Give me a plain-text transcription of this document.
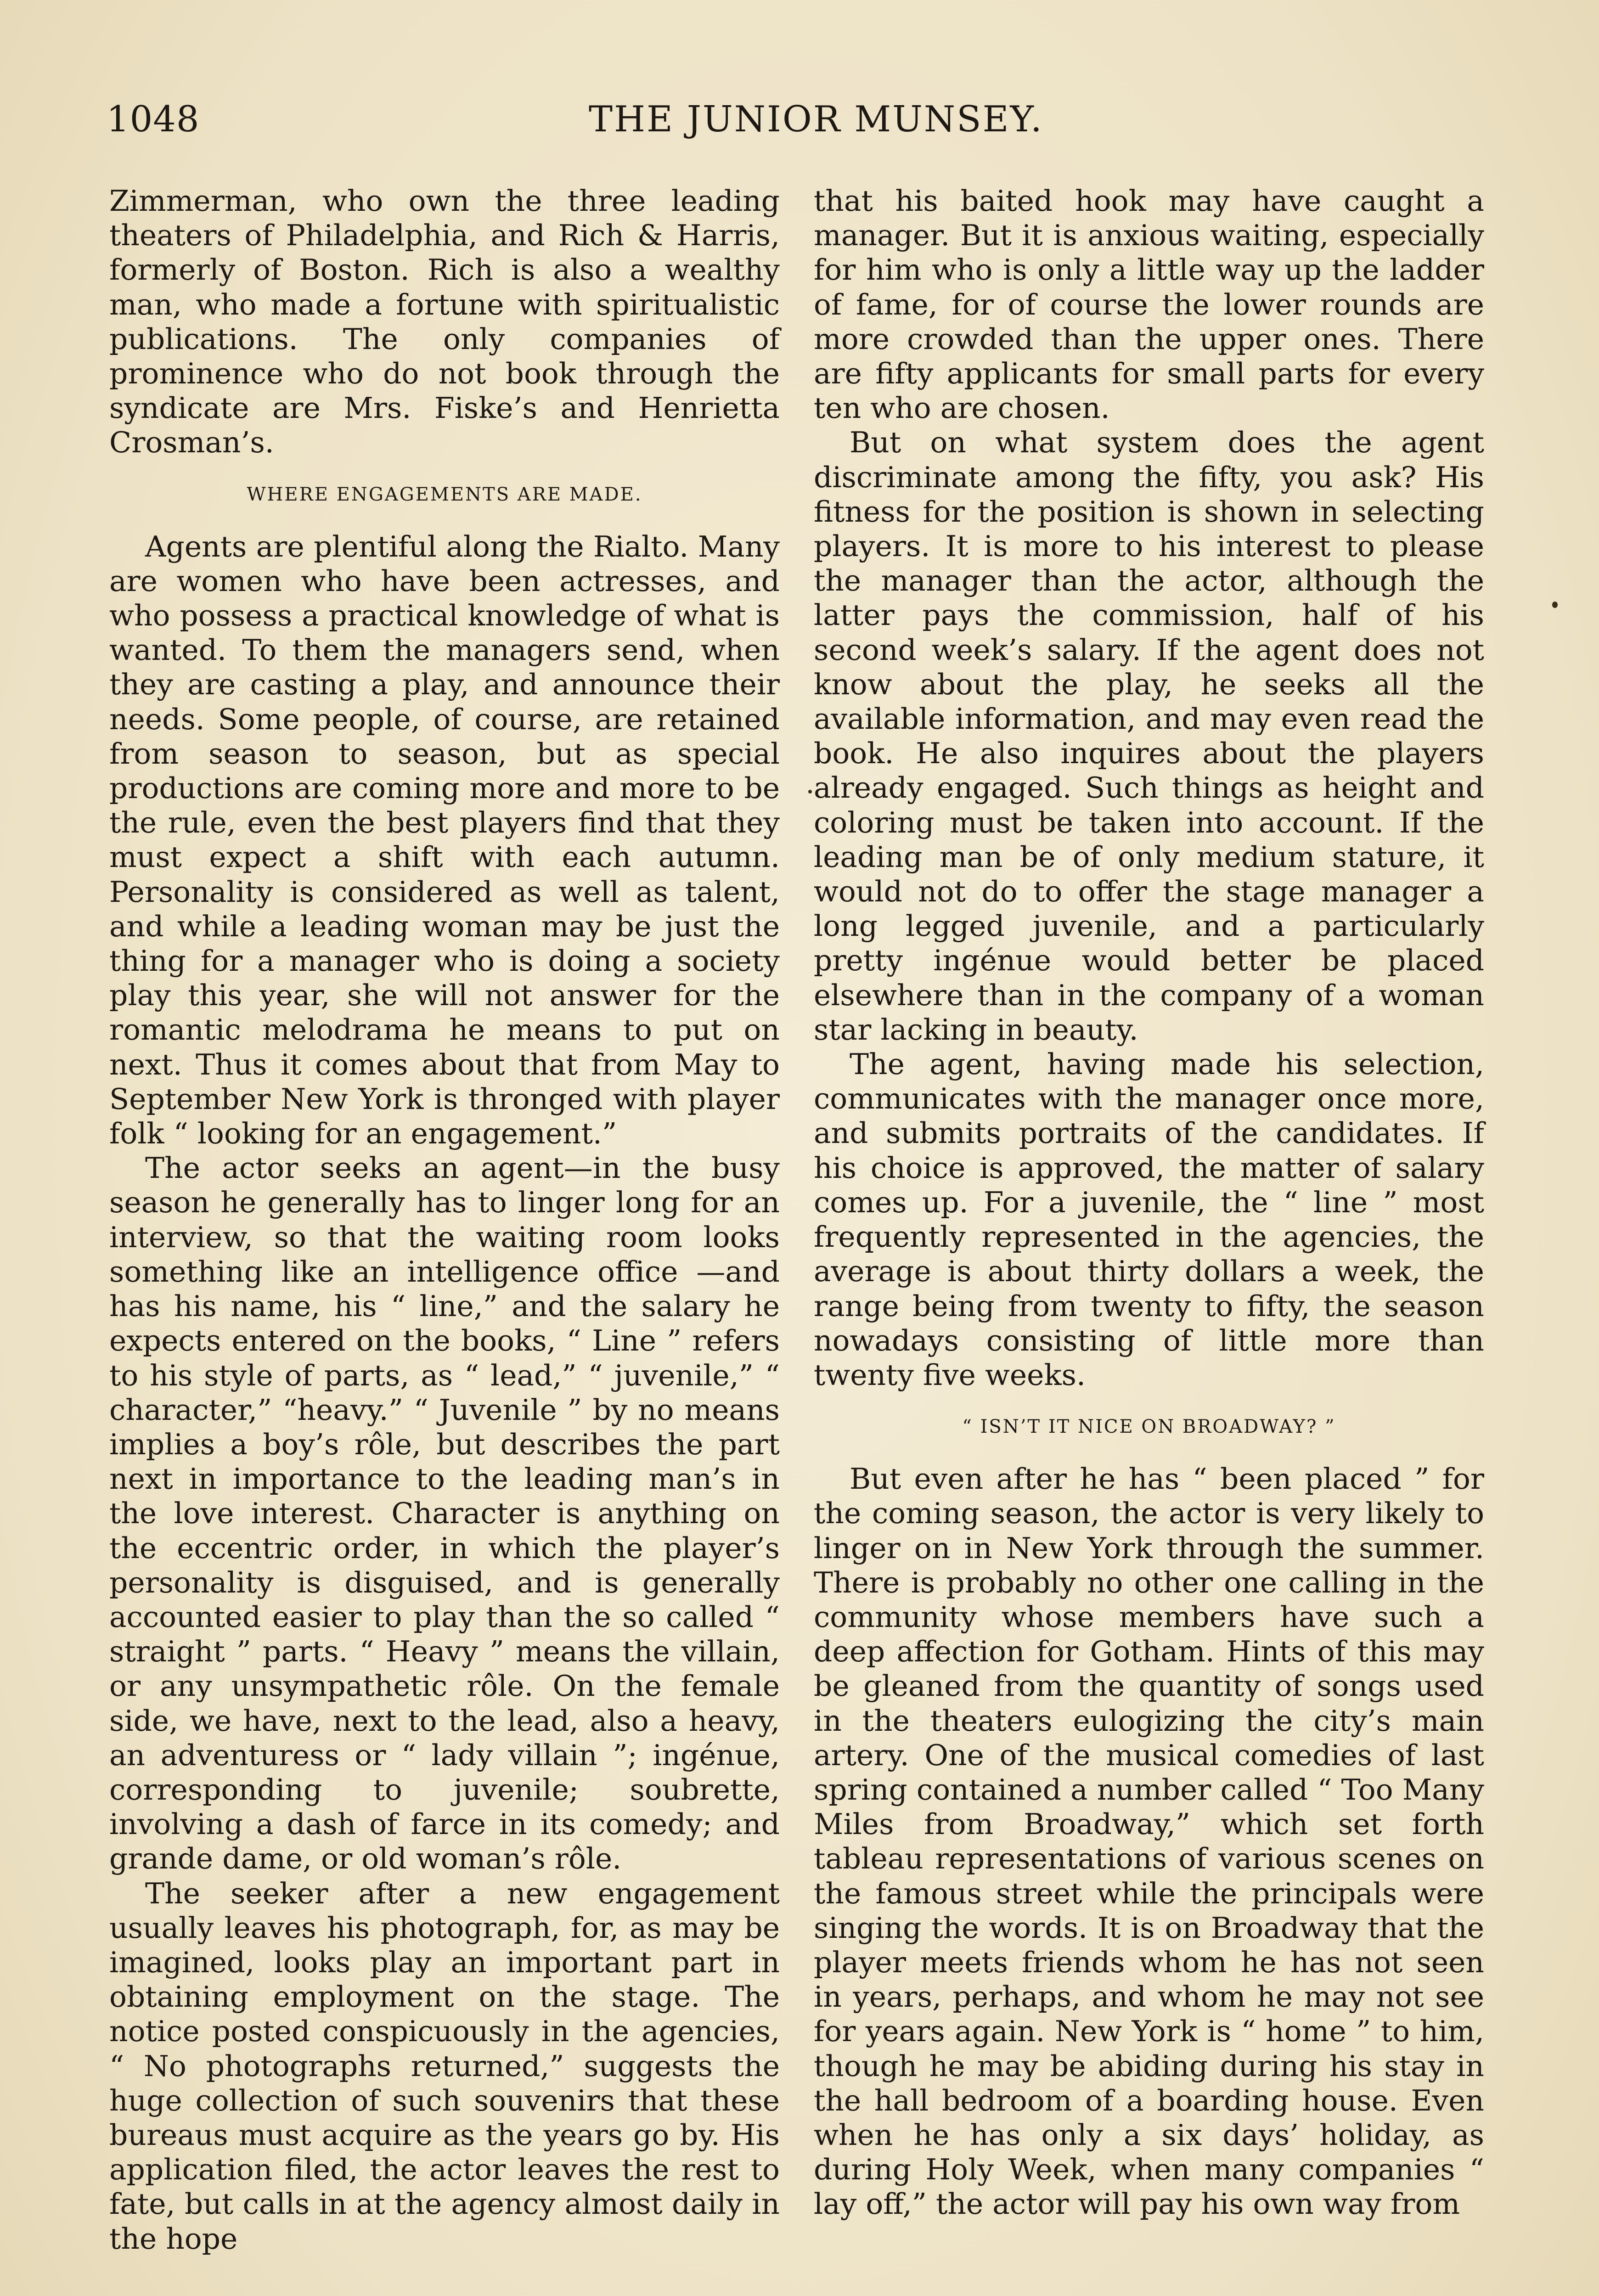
1048	THE JUNIOR MUNSEY.

Zimmerman, who own the three leading theaters of Philadelphia, and Rich & Harris, formerly of Boston. Rich is also a wealthy man, who made a fortune with spiritualistic publications. The only companies of prominence who do not book through the syndicate are Mrs. Fiske’s and Henrietta Crosman’s.

WHERE ENGAGEMENTS ARE MADE.

Agents are plentiful along the Rialto. Many are women who have been actresses, and who possess a practical knowledge of what is wanted. To them the managers send, when they are casting a play, and announce their needs. Some people, of course, are retained from season to season, but as special productions are coming more and more to be the rule, even the best players find that they must expect a shift with each autumn. Personality is considered as well as talent, and while a leading woman may be just the thing for a manager who is doing a society play this year, she will not answer for the romantic melodrama he means to put on next. Thus it comes about that from May to September New York is thronged with player folk “ looking for an engagement.”

The actor seeks an agent—in the busy season he generally has to linger long for an interview, so that the waiting room looks something like an intelligence office —and has his name, his “ line,” and the salary he expects entered on the books, “ Line ” refers to his style of parts, as “ lead,” “ juvenile,” “ character,” “heavy.” “ Juvenile ” by no means implies a boy’s rôle, but describes the part next in importance to the leading man’s in the love interest. Character is anything on the eccentric order, in which the player’s personality is disguised, and is generally accounted easier to play than the so called “ straight ” parts. “ Heavy ” means the villain, or any unsympathetic rôle. On the female side, we have, next to the lead, also a heavy, an adventuress or “ lady villain ”; ingénue, corresponding to juvenile; soubrette, involving a dash of farce in its comedy; and grande dame, or old woman’s rôle.

The seeker after a new engagement usually leaves his photograph, for, as may be imagined, looks play an important part in obtaining employment on the stage. The notice posted conspicuously in the agencies, “ No photographs returned,” suggests the huge collection of such souvenirs that these bureaus must acquire as the years go by. His application filed, the actor leaves the rest to fate, but calls in at the agency almost daily in the hope

that his baited hook may have caught a manager. But it is anxious waiting, especially for him who is only a little way up the ladder of fame, for of course the lower rounds are more crowded than the upper ones. There are fifty applicants for small parts for every ten who are chosen.

But on what system does the agent discriminate among the fifty, you ask? His fitness for the position is shown in selecting players. It is more to his interest to please the manager than the actor, although the latter pays the commission, half of his second week’s salary. If the agent does not know about the play, he seeks all the available information, and may even read the book. He also inquires about the players already engaged. Such things as height and coloring must be taken into account. If the leading man be of only medium stature, it would not do to offer the stage manager a long legged juvenile, and a particularly pretty ingénue would better be placed elsewhere than in the company of a woman star lacking in beauty.

The agent, having made his selection, communicates with the manager once more, and submits portraits of the candidates. If his choice is approved, the matter of salary comes up. For a juvenile, the “ line ” most frequently represented in the agencies, the average is about thirty dollars a week, the range being from twenty to fifty, the season nowadays consisting of little more than twenty five weeks.

“ ISN’T IT NICE ON BROADWAY? ”

But even after he has “ been placed ” for the coming season, the actor is very likely to linger on in New York through the summer. There is probably no other one calling in the community whose members have such a deep affection for Gotham. Hints of this may be gleaned from the quantity of songs used in the theaters eulogizing the city’s main artery. One of the musical comedies of last spring contained a number called “ Too Many Miles from Broadway,” which set forth tableau representations of various scenes on the famous street while the principals were singing the words. It is on Broadway that the player meets friends whom he has not seen in years, perhaps, and whom he may not see for years again. New York is “ home ” to him, though he may be abiding during his stay in the hall bedroom of a boarding house. Even when he has only a six days’ holiday, as during Holy Week, when many companies “ lay off,” the actor will pay his own way from
